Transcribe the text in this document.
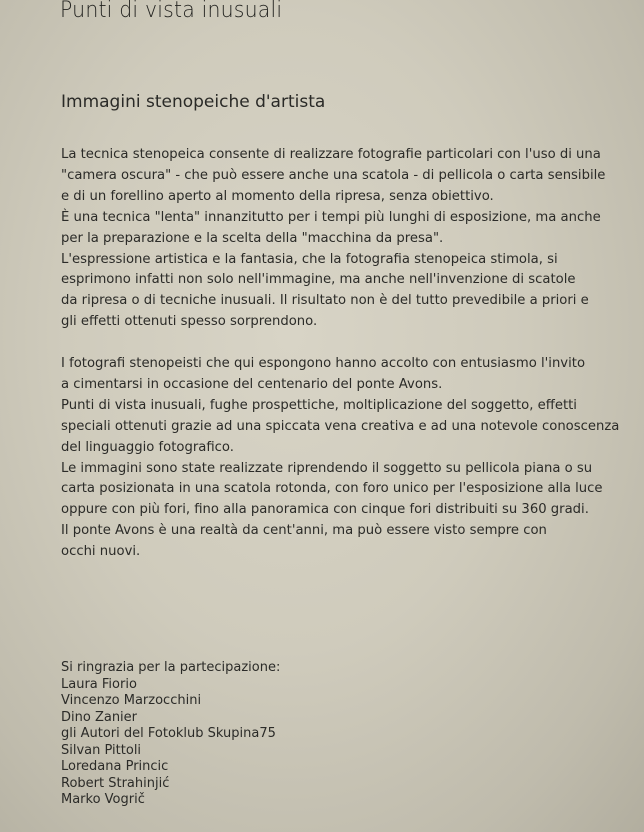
Punti di vista inusuali
Immagini stenopeiche d'artista
La tecnica stenopeica consente di realizzare fotografie particolari con l'uso di una
"camera oscura" - che può essere anche una scatola - di pellicola o carta sensibile
e di un forellino aperto al momento della ripresa, senza obiettivo.
È una tecnica "lenta" innanzitutto per i tempi più lunghi di esposizione, ma anche
per la preparazione e la scelta della "macchina da presa".
L'espressione artistica e la fantasia, che la fotografia stenopeica stimola, si
esprimono infatti non solo nell'immagine, ma anche nell'invenzione di scatole
da ripresa o di tecniche inusuali. Il risultato non è del tutto prevedibile a priori e
gli effetti ottenuti spesso sorprendono.
I fotografi stenopeisti che qui espongono hanno accolto con entusiasmo l'invito
a cimentarsi in occasione del centenario del ponte Avons.
Punti di vista inusuali, fughe prospettiche, moltiplicazione del soggetto, effetti
speciali ottenuti grazie ad una spiccata vena creativa e ad una notevole conoscenza
del linguaggio fotografico.
Le immagini sono state realizzate riprendendo il soggetto su pellicola piana o su
carta posizionata in una scatola rotonda, con foro unico per l'esposizione alla luce
oppure con più fori, fino alla panoramica con cinque fori distribuiti su 360 gradi.
Il ponte Avons è una realtà da cent'anni, ma può essere visto sempre con
occhi nuovi.
Si ringrazia per la partecipazione:
Laura Fiorio
Vincenzo Marzocchini
Dino Zanier
gli Autori del Fotoklub Skupina75
Silvan Pittoli
Loredana Princic
Robert Strahinjić
Marko Vogrič
